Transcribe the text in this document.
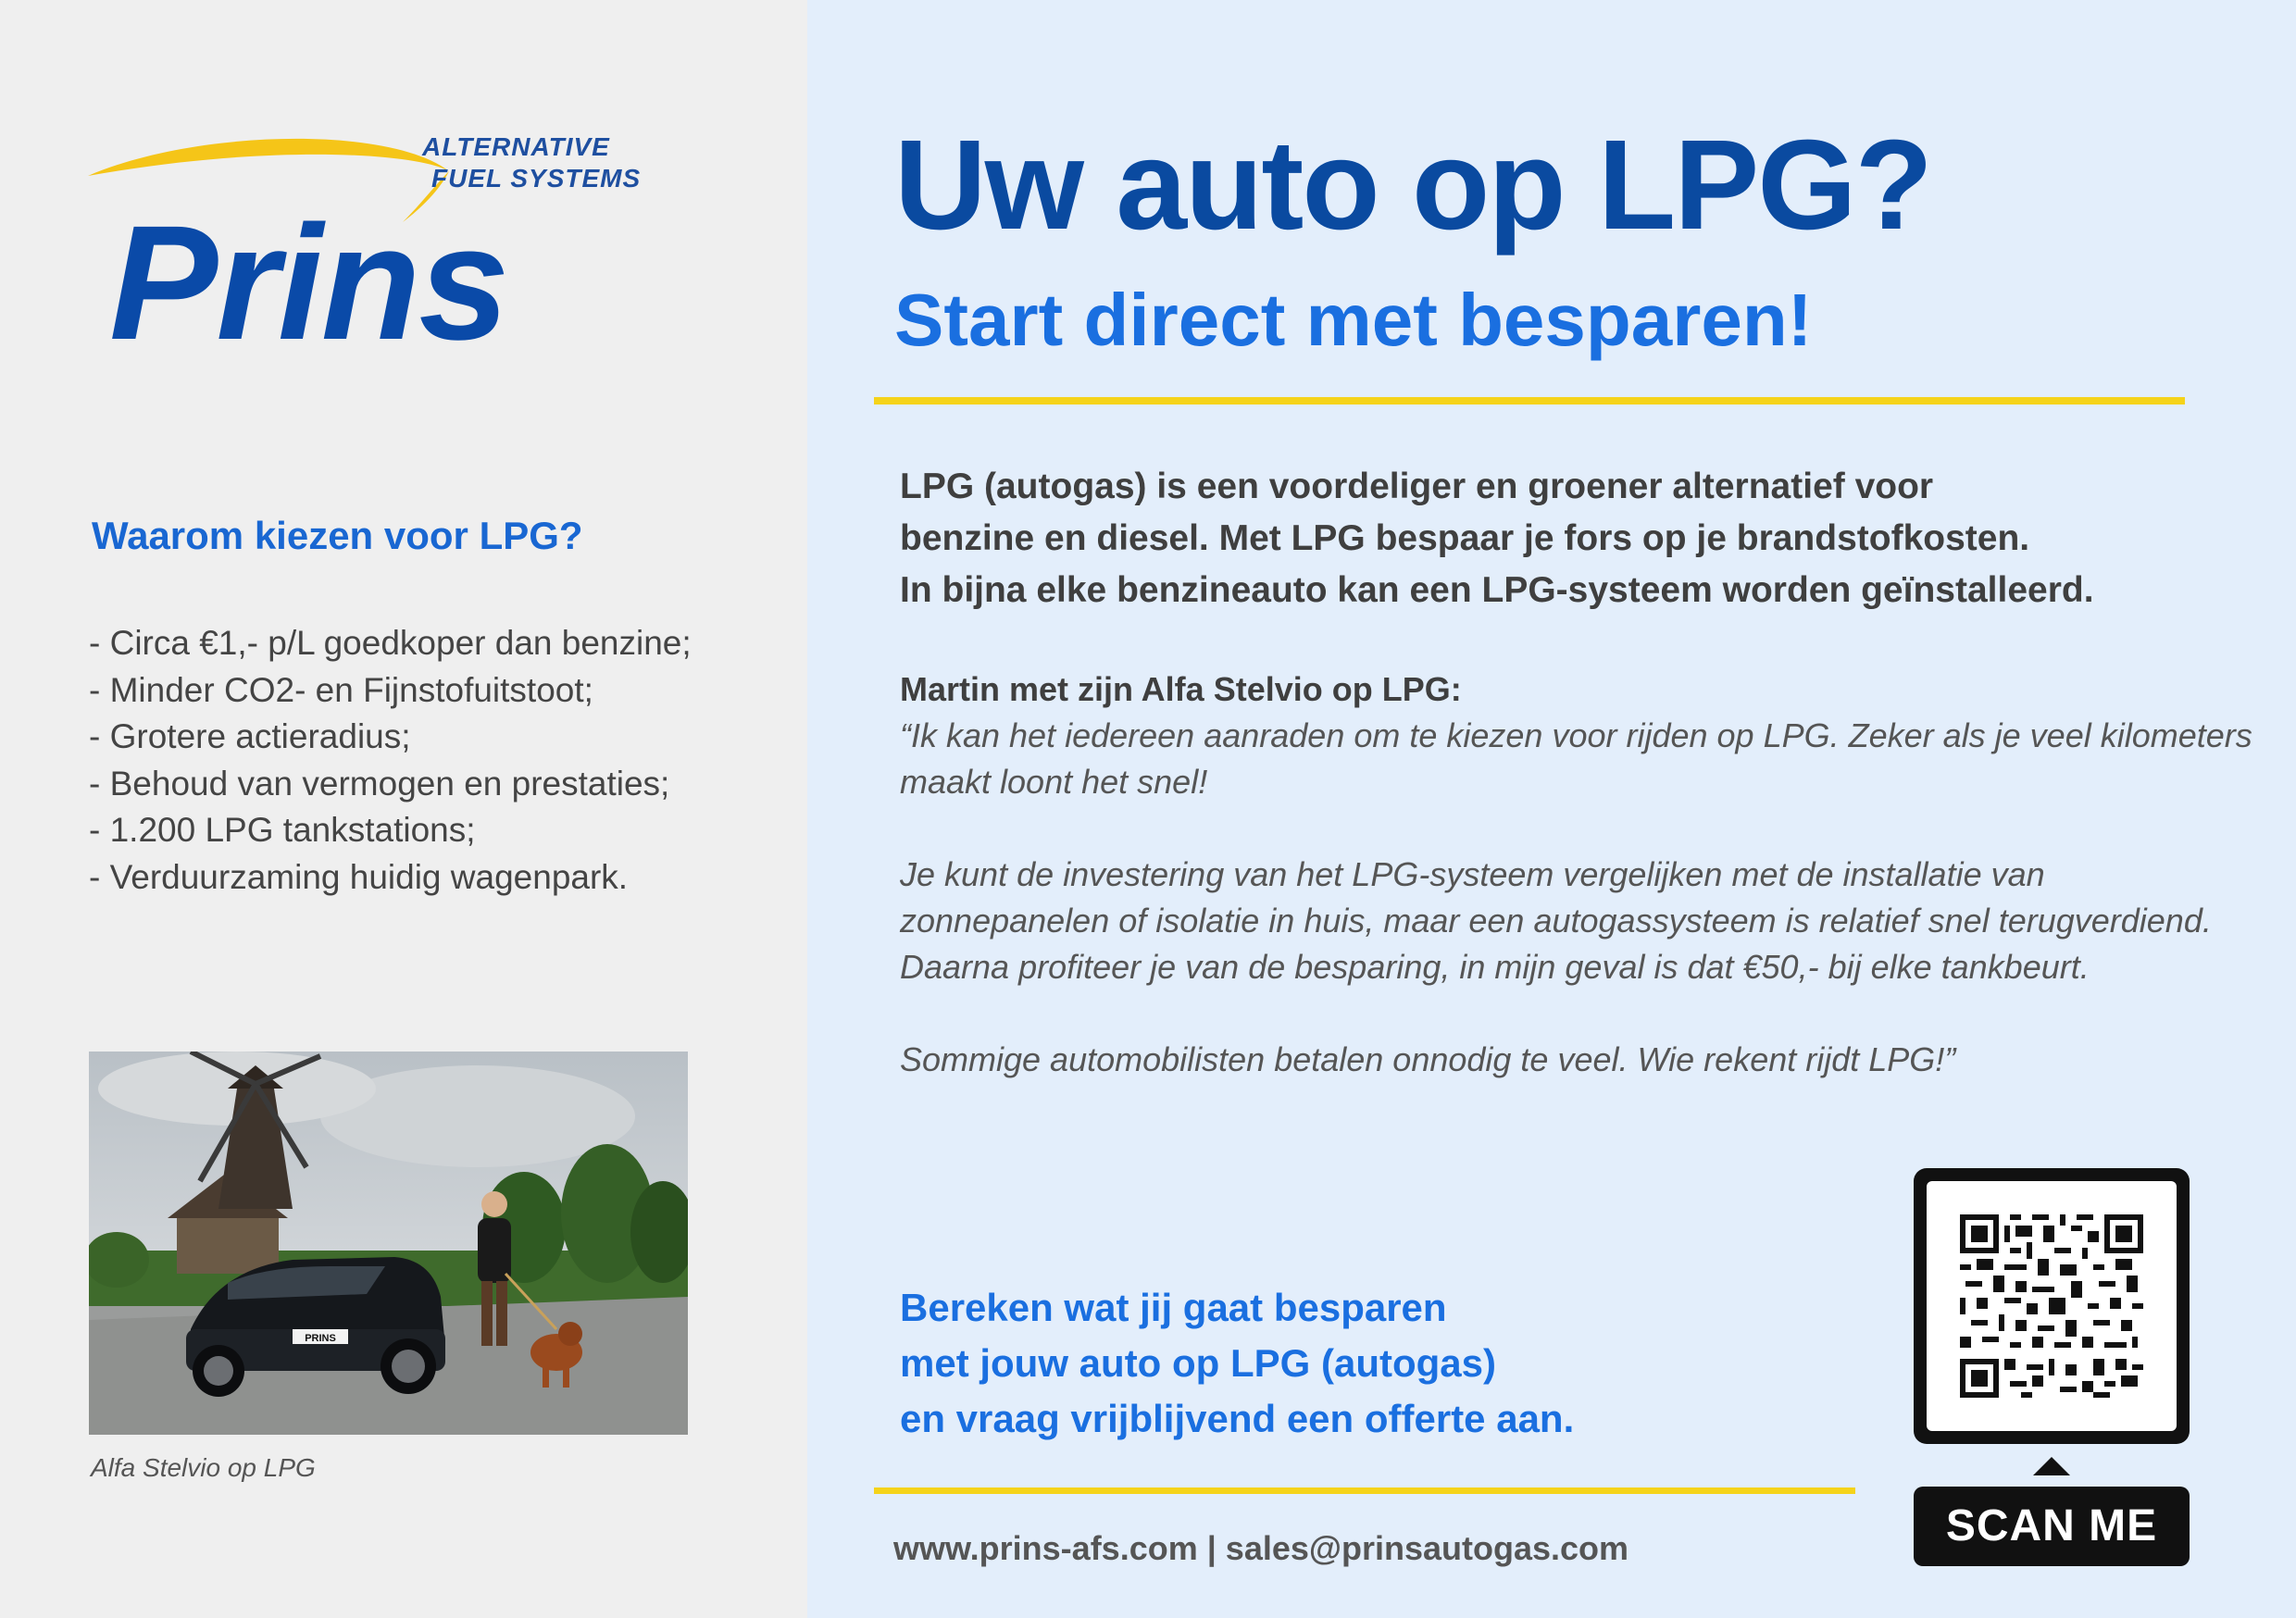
ALTERNATIVE
FUEL SYSTEMS
Prins
Waarom kiezen voor LPG?
- Circa €1,- p/L goedkoper dan benzine;
- Minder CO2- en Fijnstofuitstoot;
- Grotere actieradius;
- Behoud van vermogen en prestaties;
- 1.200 LPG tankstations;
- Verduurzaming huidig wagenpark.
PRINS
Alfa Stelvio op LPG
Uw auto op LPG?
Start direct met besparen!
LPG (autogas) is een voordeliger en groener alternatief voor
benzine en diesel. Met LPG bespaar je fors op je brandstofkosten.
In bijna elke benzineauto kan een LPG-systeem worden geïnstalleerd.
Martin met zijn Alfa Stelvio op LPG:

“Ik kan het iedereen aanraden om te kiezen voor rijden op LPG. Zeker als je veel kilometers
maakt loont het snel!

Je kunt de investering van het LPG-systeem vergelijken met de installatie van
zonnepanelen of isolatie in huis, maar een autogassysteem is relatief snel terugverdiend.
Daarna profiteer je van de besparing, in mijn geval is dat €50,- bij elke tankbeurt.

Sommige automobilisten betalen onnodig te veel. Wie rekent rijdt LPG!”

Bereken wat jij gaat besparen
met jouw auto op LPG (autogas)
en vraag vrijblijvend een offerte aan.
www.prins-afs.com | sales@prinsautogas.com	SCAN ME
